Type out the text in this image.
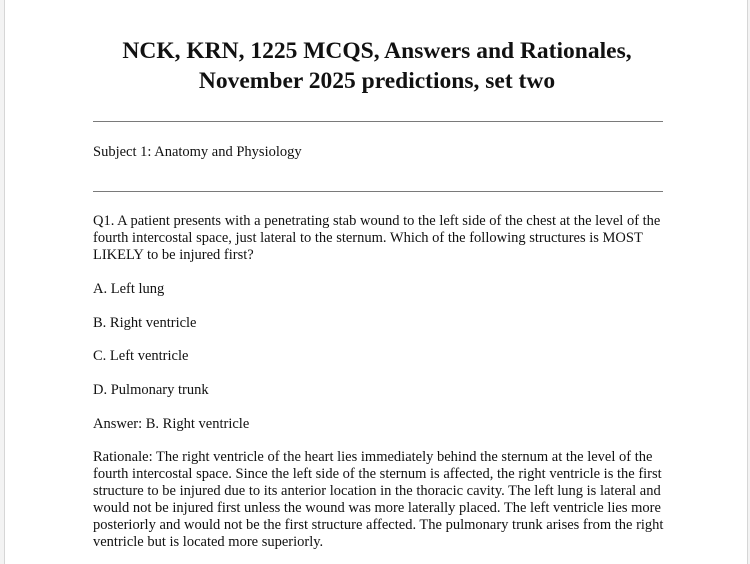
NCK, KRN, 1225 MCQS, Answers and Rationales,
November 2025 predictions, set two

Subject 1: Anatomy and Physiology

Q1. A patient presents with a penetrating stab wound to the left side of the chest at the level of the fourth intercostal space, just lateral to the sternum. Which of the following structures is MOST LIKELY to be injured first?

A. Left lung

B. Right ventricle

C. Left ventricle

D. Pulmonary trunk

Answer: B. Right ventricle

Rationale: The right ventricle of the heart lies immediately behind the sternum at the level of the fourth intercostal space. Since the left side of the sternum is affected, the right ventricle is the first structure to be injured due to its anterior location in the thoracic cavity. The left lung is lateral and would not be injured first unless the wound was more laterally placed. The left ventricle lies more posteriorly and would not be the first structure affected. The pulmonary trunk arises from the right ventricle but is located more superiorly.
